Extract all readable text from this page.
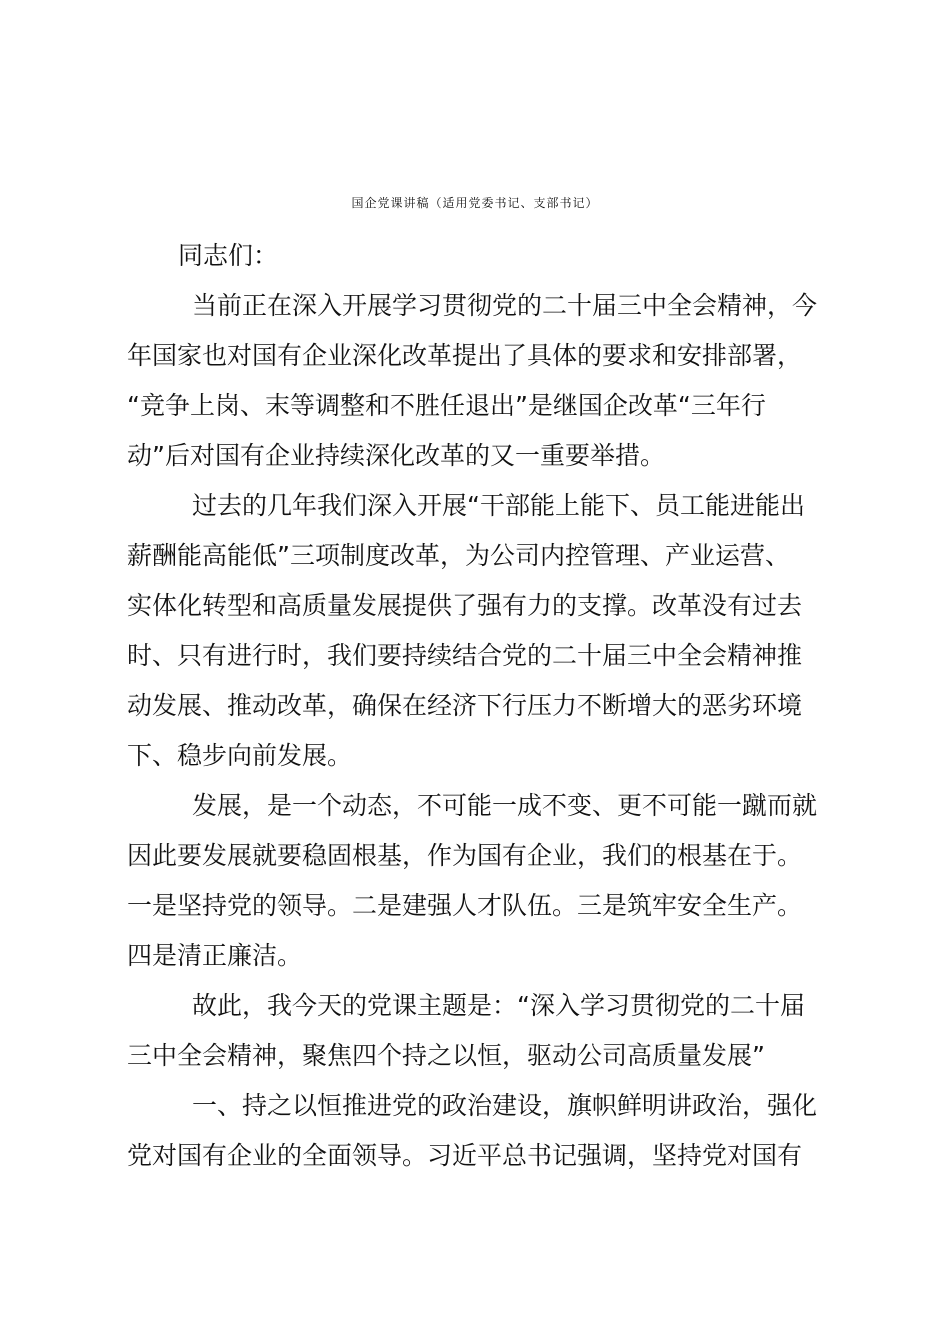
国企党课讲稿（适用党委书记、支部书记）
同志们：
当前正在深入开展学习贯彻党的二十届三中全会精神，今
年国家也对国有企业深化改革提出了具体的要求和安排部署，
“竞争上岗、末等调整和不胜任退出”是继国企改革“三年行
动”后对国有企业持续深化改革的又一重要举措。
过去的几年我们深入开展“干部能上能下、员工能进能出
薪酬能高能低”三项制度改革，为公司内控管理、产业运营、
实体化转型和高质量发展提供了强有力的支撑。改革没有过去
时、只有进行时，我们要持续结合党的二十届三中全会精神推
动发展、推动改革，确保在经济下行压力不断增大的恶劣环境
下、稳步向前发展。
发展，是一个动态，不可能一成不变、更不可能一蹴而就
因此要发展就要稳固根基，作为国有企业，我们的根基在于。
一是坚持党的领导。二是建强人才队伍。三是筑牢安全生产。
四是清正廉洁。
故此，我今天的党课主题是：“深入学习贯彻党的二十届
三中全会精神，聚焦四个持之以恒，驱动公司高质量发展”
一、持之以恒推进党的政治建设，旗帜鲜明讲政治，强化
党对国有企业的全面领导。习近平总书记强调，坚持党对国有
